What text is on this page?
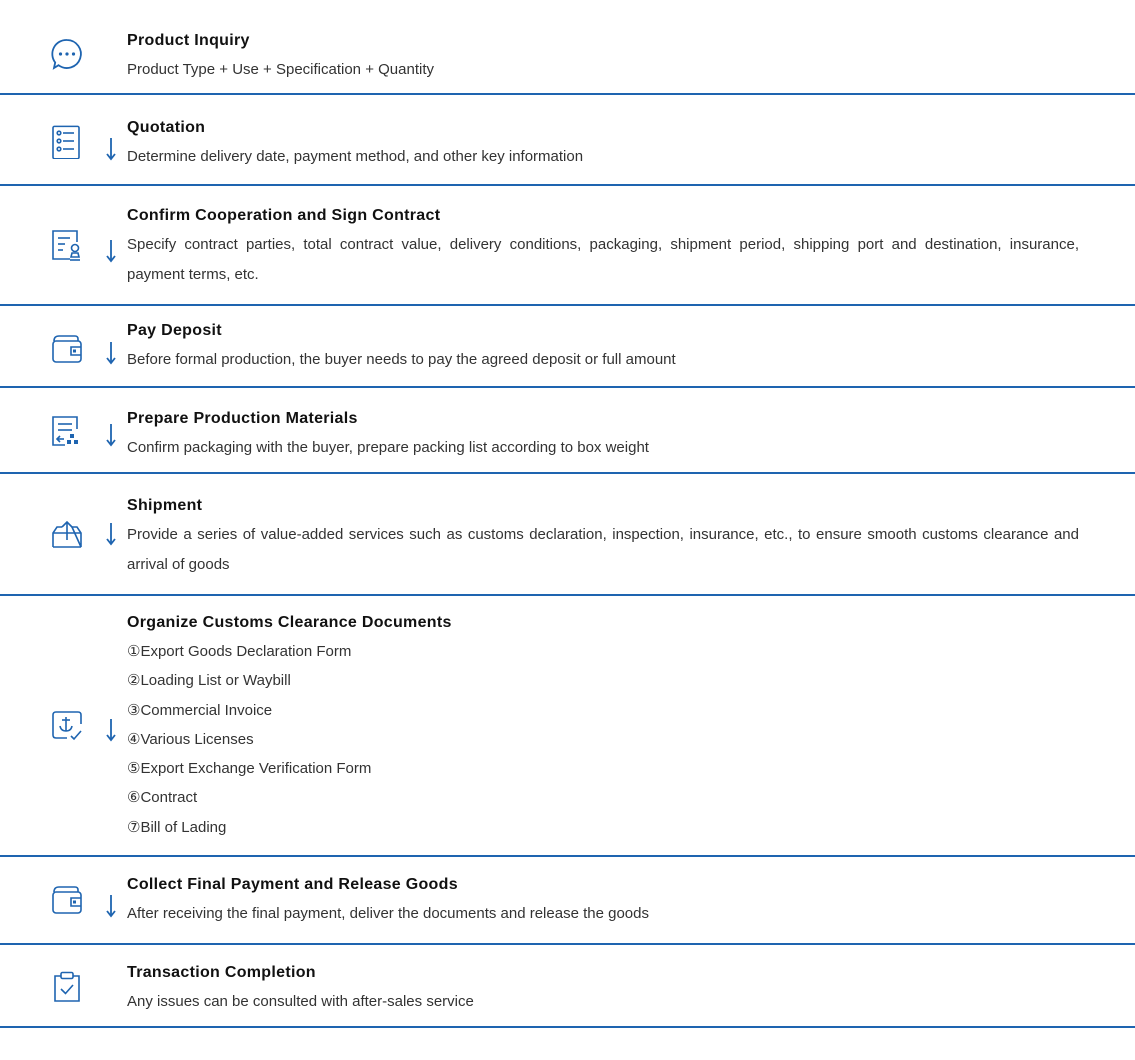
Product Inquiry
Product Type + Use + Specification + Quantity
Quotation
Determine delivery date, payment method, and other key information
Confirm Cooperation and Sign Contract
Specify contract parties, total contract value, delivery conditions, packaging, shipment period, shipping port and destination, insurance, payment terms, etc.
Pay Deposit
Before formal production, the buyer needs to pay the agreed deposit or full amount
Prepare Production Materials
Confirm packaging with the buyer, prepare packing list according to box weight
Shipment
Provide a series of value-added services such as customs declaration, inspection, insurance, etc., to ensure smooth customs clearance and arrival of goods
Organize Customs Clearance Documents
①Export Goods Declaration Form
②Loading List or Waybill
③Commercial Invoice
④Various Licenses
⑤Export Exchange Verification Form
⑥Contract
⑦Bill of Lading
Collect Final Payment and Release Goods
After receiving the final payment, deliver the documents and release the goods
Transaction Completion
Any issues can be consulted with after-sales service
